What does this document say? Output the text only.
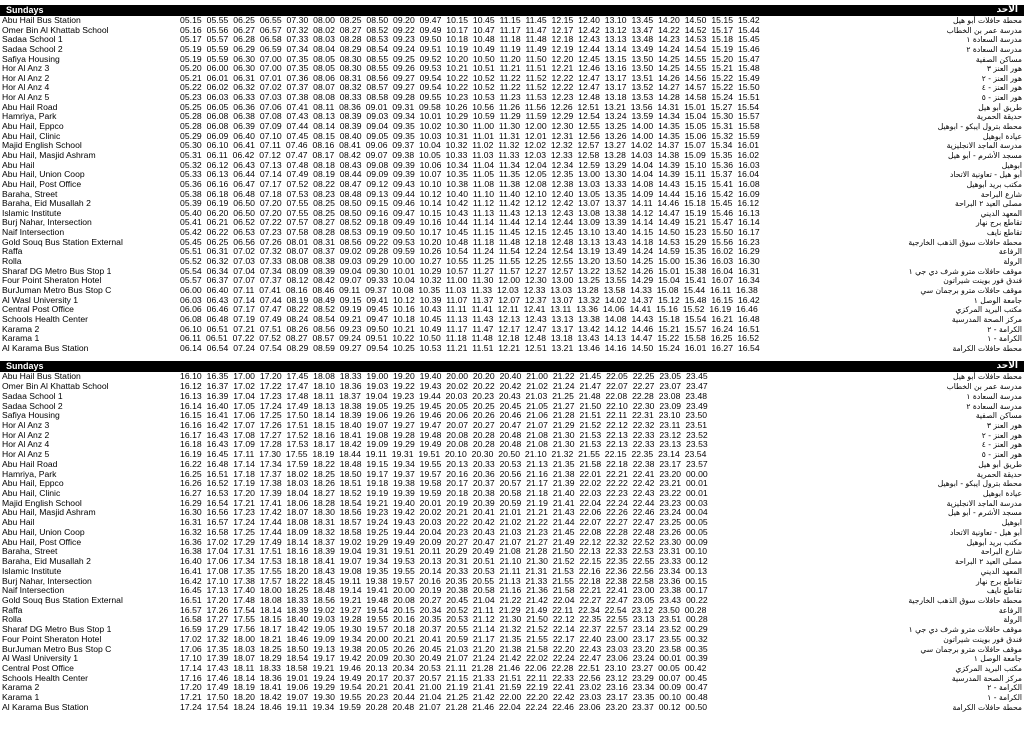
Sundays	الأحد
Abu Hail Bus Station	05.15  05.55  06.25  06.55  07.30  08.00  08.25  08.50  09.20  09.47  10.15  10.45  11.15  11.45  12.15  12.40  13.10  13.45  14.20  14.50  15.15  15.42	محطة حافلات أبو هيل
Omer Bin Al Khattab School	05.16  05.56  06.27  06.57  07.32  08.02  08.27  08.52  09.22  09.49  10.17  10.47  11.17  11.47  12.17  12.42  13.12  13.47  14.22  14.52  15.17  15.44	مدرسة عمر بن الخطاب
Sadaa School 1	05.17  05.57  06.28  06.58  07.33  08.03  08.28  08.53  09.23  09.50  10.18  10.48  11.18  11.48  12.18  12.43  13.13  13.48  14.23  14.53  15.18  15.45	مدرسة السعادة ١
Sadaa School 2	05.19  05.59  06.29  06.59  07.34  08.04  08.29  08.54  09.24  09.51  10.19  10.49  11.19  11.49  12.19  12.44  13.14  13.49  14.24  14.54  15.19  15.46	مدرسة السعادة ٢
Safiya Housing	05.19  05.59  06.30  07.00  07.35  08.05  08.30  08.55  09.25  09.52  10.20  10.50  11.20  11.50  12.20  12.45  13.15  13.50  14.25  14.55  15.20  15.47	مساكن الصفية
Hor Al Anz 3	05.20  06.00  06.30  07.00  07.35  08.05  08.30  08.55  09.26  09.53  10.21  10.51  11.21  11.51  12.21  12.46  13.16  13.50  14.25  14.55  15.21  15.48	هور العنز ٣
Hor Al Anz 2	05.21  06.01  06.31  07.01  07.36  08.06  08.31  08.56  09.27  09.54  10.22  10.52  11.22  11.52  12.22  12.47  13.17  13.51  14.26  14.56  15.22  15.49	هور العنز - ٢
Hor Al Anz 4	05.22  06.02  06.32  07.02  07.37  08.07  08.32  08.57  09.27  09.54  10.22  10.52  11.22  11.52  12.22  12.47  13.17  13.52  14.27  14.57  15.22  15.50	هور العنز - ٤
Hor Al Anz 5	05.23  06.03  06.33  07.03  07.38  08.08  08.33  08.58  09.28  09.55  10.23  10.53  11.23  11.53  12.23  12.48  13.18  13.53  14.28  14.58  15.24  15.51	هور العنز - ٥
Abu Hail Road	05.25  06.05  06.36  07.06  07.41  08.11  08.36  09.01  09.31  09.58  10.26  10.56  11.26  11.56  12.26  12.51  13.21  13.56  14.31  15.01  15.27  15.54	طريق أبو هيل
Hamriya, Park	05.28  06.08  06.38  07.08  07.43  08.13  08.39  09.03  09.34  10.01  10.29  10.59  11.29  11.59  12.29  12.54  13.24  13.59  14.34  15.04  15.30  15.57	حديقة الحمرية
Abu Hail, Eppco	05.28  06.08  06.39  07.09  07.44  08.14  08.39  09.04  09.35  10.02  10.30  11.00  11.30  12.00  12.30  12.55  13.25  14.00  14.35  15.05  15.31  15.58	محطة بترول ايبكو - ابوهيل
Abu Hail, Clinic	05.29  06.09  06.40  07.10  07.45  08.15  08.40  09.05  09.35  10.03  10.31  11.01  11.31  12.01  12.31  12.56  13.26  14.00  14.35  15.06  15.32  15.59	عيادة ابوهيل
Majid English School	05.30  06.10  06.41  07.11  07.46  08.16  08.41  09.06  09.37  10.04  10.32  11.02  11.32  12.02  12.32  12.57  13.27  14.02  14.37  15.07  15.34  16.01	مدرسة الماجد الانجليزية
Abu Hail, Masjid Ashram	05.31  06.11  06.42  07.12  07.47  08.17  08.42  09.07  09.38  10.05  10.33  11.03  11.33  12.03  12.33  12.58  13.28  14.03  14.38  15.09  15.35  16.02	مسجد الأشرم - أبو هيل
Abu Hail	05.32  06.12  06.43  07.13  07.48  08.18  08.43  09.08  09.39  10.06  10.34  11.04  11.34  12.04  12.34  12.59  13.29  14.04  14.39  15.10  15.36  16.03	ابوهيل
Abu Hail, Union Coop	05.33  06.13  06.44  07.14  07.49  08.19  08.44  09.09  09.39  10.07  10.35  11.05  11.35  12.05  12.35  13.00  13.30  14.04  14.39  15.11  15.37  16.04	أبو هيل - تعاونية الاتحاد
Abu Hail, Post Office	05.36  06.16  06.47  07.17  07.52  08.22  08.47  09.12  09.43  10.10  10.38  11.08  11.38  12.08  12.38  13.03  13.33  14.08  14.43  15.15  15.41  16.08	مكتب بريد أبوهيل
Baraha, Street	05.38  06.18  06.48  07.18  07.53  08.23  08.48  09.13  09.44  10.12  10.40  11.10  11.40  12.10  12.40  13.05  13.35  14.09  14.44  15.16  15.42  16.09	شارع البراحة
Baraha, Eid Musallah 2	05.39  06.19  06.50  07.20  07.55  08.25  08.50  09.15  09.46  10.14  10.42  11.12  11.42  12.12  12.42  13.07  13.37  14.11  14.46  15.18  15.45  16.12	مصلى العيد ٢ البراحة
Islamic Institute	05.40  06.20  06.50  07.20  07.55  08.25  08.50  09.16  09.47  10.15  10.43  11.13  11.43  12.13  12.43  13.08  13.38  14.12  14.47  15.19  15.46  16.13	المعهد الديني
Burj Nahar, Intersection	05.41  06.21  06.52  07.22  07.57  08.27  08.52  09.18  09.49  10.16  10.44  11.14  11.44  12.14  12.44  13.09  13.39  14.14  14.49  15.21  15.47  16.14	تقاطع برج نهار
Naif Intersection	05.42  06.22  06.53  07.23  07.58  08.28  08.53  09.19  09.50  10.17  10.45  11.15  11.45  12.15  12.45  13.10  13.40  14.15  14.50  15.23  15.50  16.17	تقاطع نايف
Gold Souq Bus Station External	05.45  06.25  06.56  07.26  08.01  08.31  08.56  09.22  09.53  10.20  10.48  11.18  11.48  12.18  12.48  13.13  13.43  14.18  14.53  15.29  15.56  16.23	محطة حافلات سوق الذهب الخارجية
Raffa	05.51  06.31  07.02  07.32  08.07  08.37  09.02  09.28  09.59  10.26  10.54  11.24  11.54  12.24  12.54  13.19  13.49  14.24  14.59  15.35  16.02  16.29	الرفاعة
Rolla	05.52  06.32  07.03  07.33  08.08  08.38  09.03  09.29  10.00  10.27  10.55  11.25  11.55  12.25  12.55  13.20  13.50  14.25  15.00  15.36  16.03  16.30	الرولة
Sharaf DG Metro Bus Stop 1	05.54  06.34  07.04  07.34  08.09  08.39  09.04  09.30  10.01  10.29  10.57  11.27  11.57  12.27  12.57  13.22  13.52  14.26  15.01  15.38  16.04  16.31	موقف حافلات مترو شرف دي جي ١
Four Point Sheraton Hotel	05.57  06.37  07.07  07.37  08.12  08.42  09.07  09.33  10.04  10.32  11.00  11.30  12.00  12.30  13.00  13.25  13.55  14.29  15.04  15.41  16.07  16.34	فندق فور بوينت شيراتون
BurJuman Metro Bus Stop C	06.00  06.40  07.11  07.41  08.16  08.46  09.11  09.37  10.08  10.35  11.03  11.33  12.03  12.33  13.03  13.28  13.58  14.33  15.08  15.44  16.11  16.38	موقف حافلات مترو برجمان سي
Al Wasl University 1	06.03  06.43  07.14  07.44  08.19  08.49  09.15  09.41  10.12  10.39  11.07  11.37  12.07  12.37  13.07  13.32  14.02  14.37  15.12  15.48  16.15  16.42	جامعة الوصل ١
Central Post Office	06.06  06.46  07.17  07.47  08.22  08.52  09.19  09.45  10.16  10.43  11.11  11.41  12.11  12.41  13.11  13.36  14.06  14.41  15.16  15.52  16.19  16.46	مكتب البريد المركزي
Schools Health Center	06.08  06.48  07.19  07.49  08.24  08.54  09.21  09.47  10.18  10.45  11.13  11.43  12.13  12.43  13.13  13.38  14.08  14.43  15.18  15.54  16.21  16.48	مركز الصحة المدرسية
Karama 2	06.10  06.51  07.21  07.51  08.26  08.56  09.23  09.50  10.21  10.49  11.17  11.47  12.17  12.47  13.17  13.42  14.12  14.46  15.21  15.57  16.24  16.51	الكرامة - ٢
Karama 1	06.11  06.51  07.22  07.52  08.27  08.57  09.24  09.51  10.22  10.50  11.18  11.48  12.18  12.48  13.18  13.43  14.13  14.47  15.22  15.58  16.25  16.52	الكرامة - ١
Al Karama Bus Station	06.14  06.54  07.24  07.54  08.29  08.59  09.27  09.54  10.25  10.53  11.21  11.51  12.21  12.51  13.21  13.46  14.16  14.50  15.24  16.01  16.27  16.54	محطة حافلات الكرامة
Sundays	الأحد
Abu Hail Bus Station	16.10  16.35  17.00  17.20  17.45  18.08  18.33  19.00  19.20  19.40  20.00  20.20  20.40  21.00  21.22  21.45  22.05  22.25  23.05  23.45	محطة حافلات أبو هيل
Omer Bin Al Khattab School	16.12  16.37  17.02  17.22  17.47  18.10  18.36  19.03  19.22  19.43  20.02  20.22  20.42  21.02  21.24  21.47  22.07  22.27  23.07  23.47	مدرسة عمر بن الخطاب
Sadaa School 1	16.13  16.39  17.04  17.23  17.48  18.11  18.37  19.04  19.23  19.44  20.03  20.23  20.43  21.03  21.25  21.48  22.08  22.28  23.08  23.48	مدرسة السعادة ١
Sadaa School 2	16.14  16.40  17.05  17.24  17.49  18.13  18.38  19.05  19.25  19.45  20.05  20.25  20.45  21.05  21.27  21.50  22.10  22.30  23.09  23.49	مدرسة السعادة ٢
Safiya Housing	16.15  16.41  17.06  17.25  17.50  18.14  18.39  19.06  19.26  19.46  20.06  20.26  20.46  21.06  21.28  21.51  22.11  22.31  23.10  23.50	مساكن الصفية
Hor Al Anz 3	16.16  16.42  17.07  17.26  17.51  18.15  18.40  19.07  19.27  19.47  20.07  20.27  20.47  21.07  21.29  21.52  22.12  22.32  23.11  23.51	هور العنز ٣
Hor Al Anz 2	16.17  16.43  17.08  17.27  17.52  18.16  18.41  19.08  19.28  19.48  20.08  20.28  20.48  21.08  21.30  21.53  22.13  22.33  23.12  23.52	هور العنز - ٢
Hor Al Anz 4	16.18  16.43  17.09  17.28  17.53  18.17  18.42  19.09  19.29  19.49  20.08  20.28  20.48  21.08  21.30  21.53  22.13  22.33  23.13  23.53	هور العنز - ٤
Hor Al Anz 5	16.19  16.45  17.11  17.30  17.55  18.19  18.44  19.11  19.31  19.51  20.10  20.30  20.50  21.10  21.32  21.55  22.15  22.35  23.14  23.54	هور العنز - ٥
Abu Hail Road	16.22  16.48  17.14  17.34  17.59  18.22  18.48  19.15  19.34  19.55  20.13  20.33  20.53  21.13  21.35  21.58  22.18  22.38  23.17  23.57	طريق أبو هيل
Hamriya, Park	16.25  16.51  17.18  17.37  18.02  18.25  18.50  19.17  19.37  19.57  20.16  20.36  20.56  21.16  21.38  22.01  22.21  22.41  23.20  00.00	حديقة الحمرية
Abu Hail, Eppco	16.26  16.52  17.19  17.38  18.03  18.26  18.51  19.18  19.38  19.58  20.17  20.37  20.57  21.17  21.39  22.02  22.22  22.42  23.21  00.01	محطة بترول ايبكو - ابوهيل
Abu Hail, Clinic	16.27  16.53  17.20  17.39  18.04  18.27  18.52  19.19  19.39  19.59  20.18  20.38  20.58  21.18  21.40  22.03  22.23  22.43  23.22  00.01	عيادة ابوهيل
Majid English School	16.29  16.54  17.21  17.41  18.06  18.28  18.54  19.21  19.40  20.01  20.19  20.39  20.59  21.19  21.41  22.04  22.24  22.44  23.23  00.03	مدرسة الماجد الانجليزية
Abu Hail, Masjid Ashram	16.30  16.56  17.23  17.42  18.07  18.30  18.56  19.23  19.42  20.02  20.21  20.41  21.01  21.21  21.43  22.06  22.26  22.46  23.24  00.04	مسجد الأشرم - أبو هيل
Abu Hail	16.31  16.57  17.24  17.44  18.08  18.31  18.57  19.24  19.43  20.03  20.22  20.42  21.02  21.22  21.44  22.07  22.27  22.47  23.25  00.05	ابوهيل
Abu Hail, Union Coop	16.32  16.58  17.25  17.44  18.09  18.32  18.58  19.25  19.44  20.04  20.23  20.43  21.03  21.23  21.45  22.08  22.28  22.48  23.26  00.05	أبو هيل - تعاونية الاتحاد
Abu Hail, Post Office	16.36  17.02  17.29  17.49  18.14  18.37  19.02  19.29  19.49  20.09  20.27  20.47  21.07  21.27  21.49  22.12  22.32  22.52  23.30  00.09	مكتب بريد أبوهيل
Baraha, Street	16.38  17.04  17.31  17.51  18.16  18.39  19.04  19.31  19.51  20.11  20.29  20.49  21.08  21.28  21.50  22.13  22.33  22.53  23.31  00.10	شارع البراحة
Baraha, Eid Musallah 2	16.40  17.06  17.34  17.53  18.18  18.41  19.07  19.34  19.53  20.13  20.31  20.51  21.10  21.30  21.52  22.15  22.35  22.55  23.33  00.12	مصلى العيد ٢ البراحة
Islamic Institute	16.41  17.08  17.35  17.55  18.20  18.43  19.08  19.35  19.55  20.14  20.33  20.53  21.11  21.31  21.53  22.16  22.36  22.56  23.34  00.13	المعهد الديني
Burj Nahar, Intersection	16.42  17.10  17.38  17.57  18.22  18.45  19.11  19.38  19.57  20.16  20.35  20.55  21.13  21.33  21.55  22.18  22.38  22.58  23.36  00.15	تقاطع برج نهار
Naif Intersection	16.45  17.13  17.40  18.00  18.25  18.48  19.14  19.41  20.00  20.19  20.38  20.58  21.16  21.36  21.58  22.21  22.41  23.00  23.38  00.17	تقاطع نايف
Gold Souq Bus Station External	16.51  17.20  17.48  18.08  18.33  18.56  19.21  19.48  20.08  20.27  20.45  21.04  21.22  21.42  22.04  22.27  22.47  23.05  23.43  00.22	محطة حافلات سوق الذهب الخارجية
Raffa	16.57  17.26  17.54  18.14  18.39  19.02  19.27  19.54  20.15  20.34  20.52  21.11  21.29  21.49  22.11  22.34  22.54  23.12  23.50  00.28	الرفاعة
Rolla	16.58  17.27  17.55  18.15  18.40  19.03  19.28  19.55  20.16  20.35  20.53  21.12  21.30  21.50  22.12  22.35  22.55  23.13  23.51  00.28	الرولة
Sharaf DG Metro Bus Stop 1	16.59  17.29  17.56  18.17  18.42  19.05  19.30  19.57  20.18  20.37  20.55  21.14  21.32  21.52  22.14  22.37  22.57  23.14  23.52  00.29	موقف حافلات مترو شرف دي جي ١
Four Point Sheraton Hotel	17.02  17.32  18.00  18.21  18.46  19.09  19.34  20.00  20.21  20.41  20.59  21.17  21.35  21.55  22.17  22.40  23.00  23.17  23.55  00.32	فندق فور بوينت شيراتون
BurJuman Metro Bus Stop C	17.06  17.35  18.03  18.25  18.50  19.13  19.38  20.05  20.26  20.45  21.03  21.20  21.38  21.58  22.20  22.43  23.03  23.20  23.58  00.35	موقف حافلات مترو برجمان سي
Al Wasl University 1	17.10  17.39  18.07  18.29  18.54  19.17  19.42  20.09  20.30  20.49  21.07  21.24  21.42  22.02  22.24  22.47  23.06  23.24  00.01  00.39	جامعة الوصل ١
Central Post Office	17.14  17.43  18.11  18.33  18.58  19.21  19.46  20.13  20.34  20.53  21.11  21.28  21.46  22.06  22.28  22.51  23.10  23.27  00.05  00.42	مكتب البريد المركزي
Schools Health Center	17.16  17.46  18.14  18.36  19.01  19.24  19.49  20.17  20.37  20.57  21.15  21.33  21.51  22.11  22.33  22.56  23.12  23.29  00.07  00.45	مركز الصحة المدرسية
Karama 2	17.20  17.49  18.19  18.41  19.06  19.29  19.54  20.21  20.41  21.00  21.19  21.41  21.59  22.19  22.41  23.02  23.16  23.34  00.09  00.47	الكرامة - ٢
Karama 1	17.21  17.50  18.20  18.42  19.07  19.30  19.55  20.23  20.44  21.04  21.25  21.42  22.00  22.20  22.42  23.03  23.17  23.35  00.10  00.48	الكرامة - ١
Al Karama Bus Station	17.24  17.54  18.24  18.46  19.11  19.34  19.59  20.28  20.48  21.07  21.28  21.46  22.04  22.24  22.46  23.06  23.20  23.37  00.12  00.50	محطة حافلات الكرامة
